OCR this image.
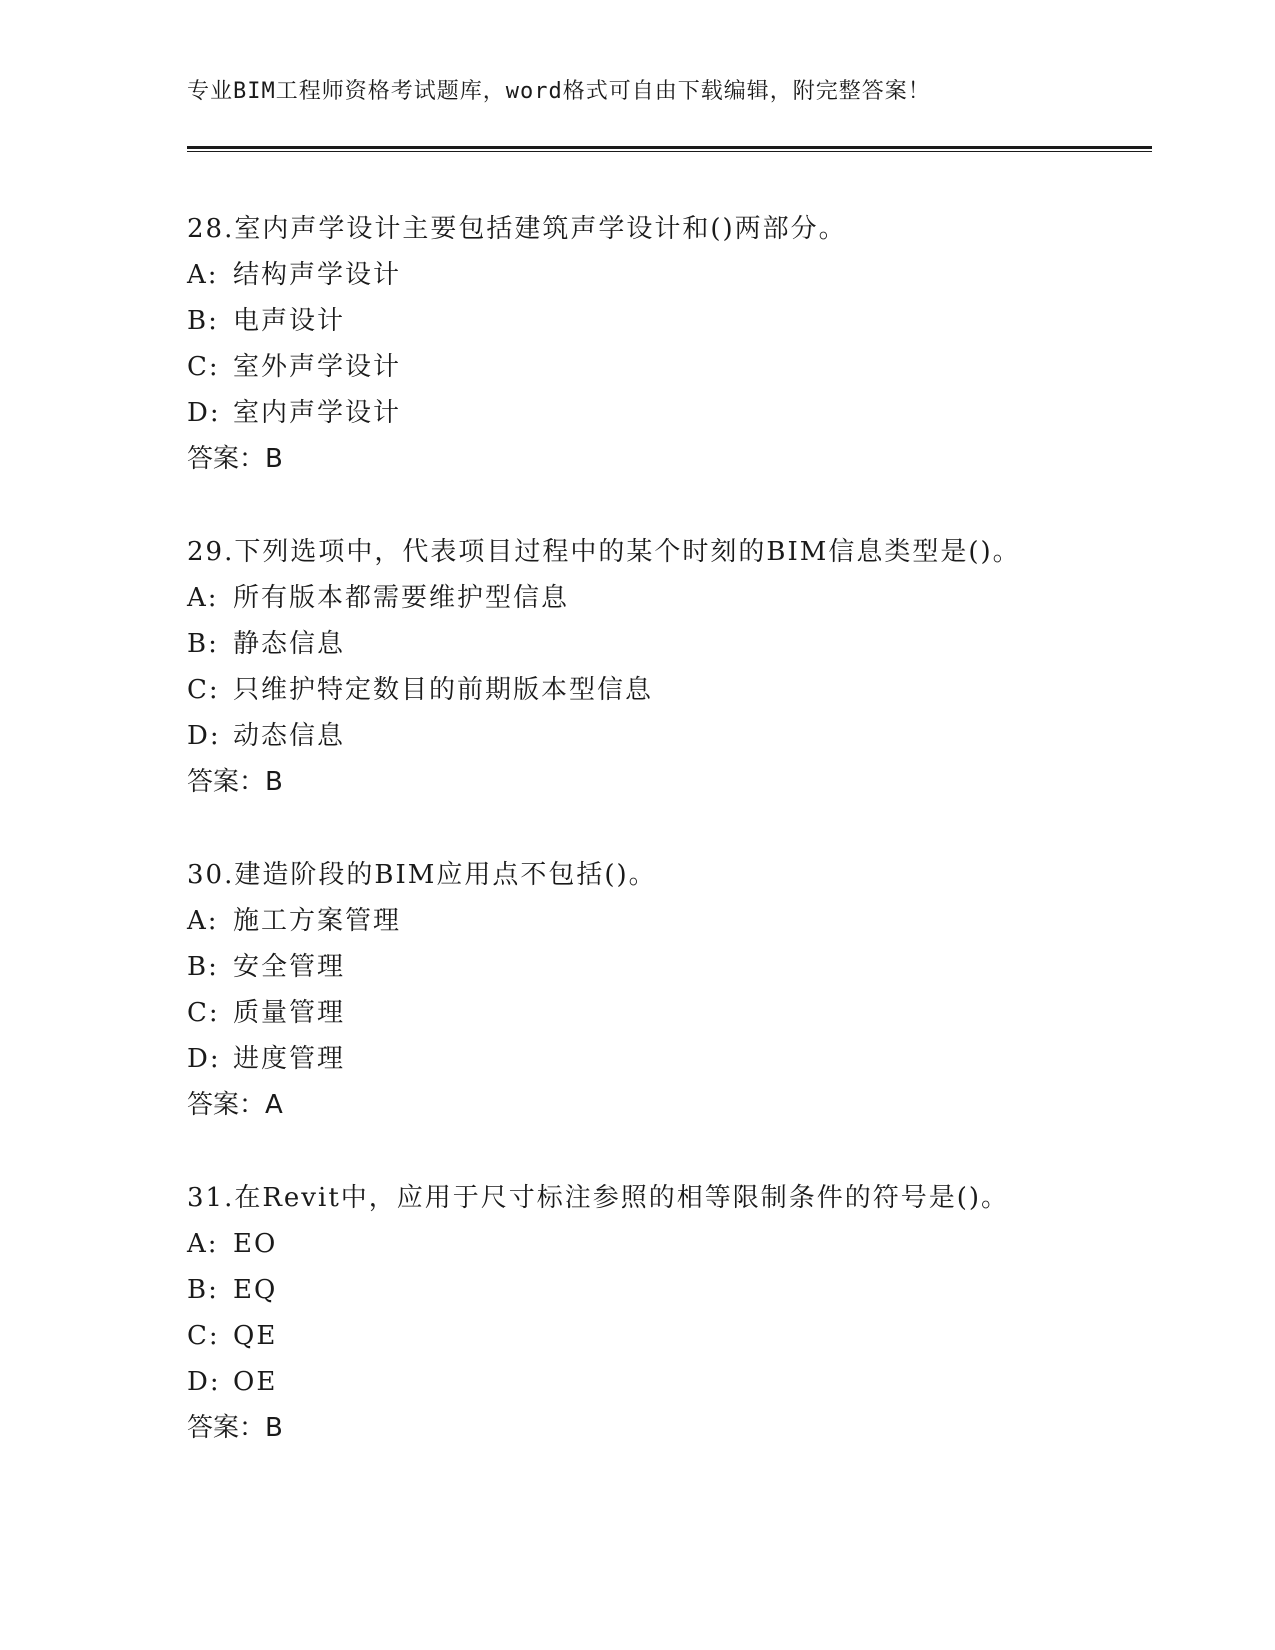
专业BIM工程师资格考试题库，word格式可自由下载编辑，附完整答案！
28.室内声学设计主要包括建筑声学设计和()两部分。
A: 结构声学设计
B: 电声设计
C: 室外声学设计
D: 室内声学设计
答案：B
29.下列选项中，代表项目过程中的某个时刻的BIM信息类型是()。
A: 所有版本都需要维护型信息
B: 静态信息
C: 只维护特定数目的前期版本型信息
D: 动态信息
答案：B
30.建造阶段的BIM应用点不包括()。
A: 施工方案管理
B: 安全管理
C: 质量管理
D: 进度管理
答案：A
31.在Revit中，应用于尺寸标注参照的相等限制条件的符号是()。
A: EO
B: EQ
C: QE
D: OE
答案：B
